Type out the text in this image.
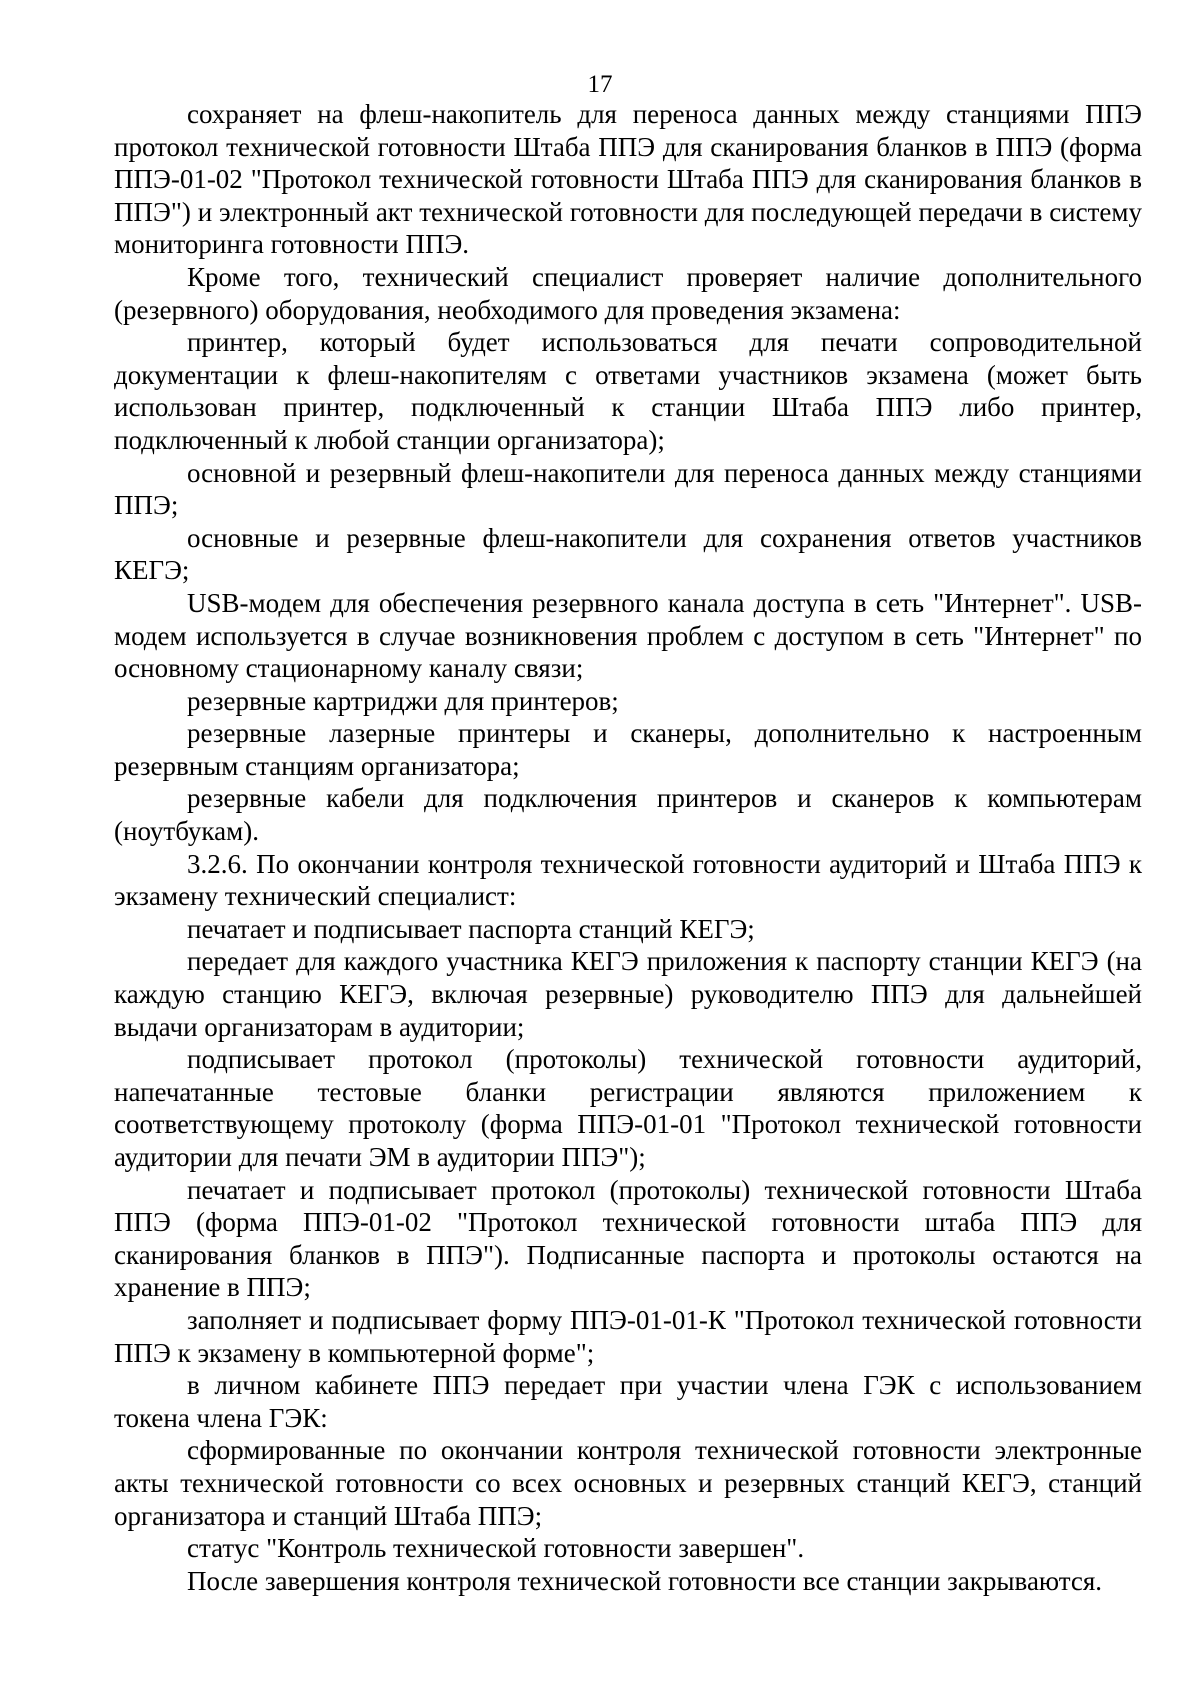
17

сохраняет на флеш-накопитель для переноса данных между станциями ППЭ протокол технической готовности Штаба ППЭ для сканирования бланков в ППЭ (форма ППЭ-01-02 "Протокол технической готовности Штаба ППЭ для сканирования бланков в ППЭ") и электронный акт технической готовности для последующей передачи в систему мониторинга готовности ППЭ.

Кроме того, технический специалист проверяет наличие дополнительного (резервного) оборудования, необходимого для проведения экзамена:

принтер, который будет использоваться для печати сопроводительной документации к флеш-накопителям с ответами участников экзамена (может быть использован принтер, подключенный к станции Штаба ППЭ либо принтер, подключенный к любой станции организатора);

основной и резервный флеш-накопители для переноса данных между станциями ППЭ;

основные и резервные флеш-накопители для сохранения ответов участников КЕГЭ;

USB-модем для обеспечения резервного канала доступа в сеть "Интернет". USB-модем используется в случае возникновения проблем с доступом в сеть "Интернет" по основному стационарному каналу связи;

резервные картриджи для принтеров;

резервные лазерные принтеры и сканеры, дополнительно к настроенным резервным станциям организатора;

резервные кабели для подключения принтеров и сканеров к компьютерам (ноутбукам).

3.2.6. По окончании контроля технической готовности аудиторий и Штаба ППЭ к экзамену технический специалист:

печатает и подписывает паспорта станций КЕГЭ;

передает для каждого участника КЕГЭ приложения к паспорту станции КЕГЭ (на каждую станцию КЕГЭ, включая резервные) руководителю ППЭ для дальнейшей выдачи организаторам в аудитории;

подписывает протокол (протоколы) технической готовности аудиторий, напечатанные тестовые бланки регистрации являются приложением к соответствующему протоколу (форма ППЭ-01-01 "Протокол технической готовности аудитории для печати ЭМ в аудитории ППЭ");

печатает и подписывает протокол (протоколы) технической готовности Штаба ППЭ (форма ППЭ-01-02 "Протокол технической готовности штаба ППЭ для сканирования бланков в ППЭ"). Подписанные паспорта и протоколы остаются на хранение в ППЭ;

заполняет и подписывает форму ППЭ-01-01-К "Протокол технической готовности ППЭ к экзамену в компьютерной форме";

в личном кабинете ППЭ передает при участии члена ГЭК с использованием токена члена ГЭК:

сформированные по окончании контроля технической готовности электронные акты технической готовности со всех основных и резервных станций КЕГЭ, станций организатора и станций Штаба ППЭ;

статус "Контроль технической готовности завершен".

После завершения контроля технической готовности все станции закрываются.
